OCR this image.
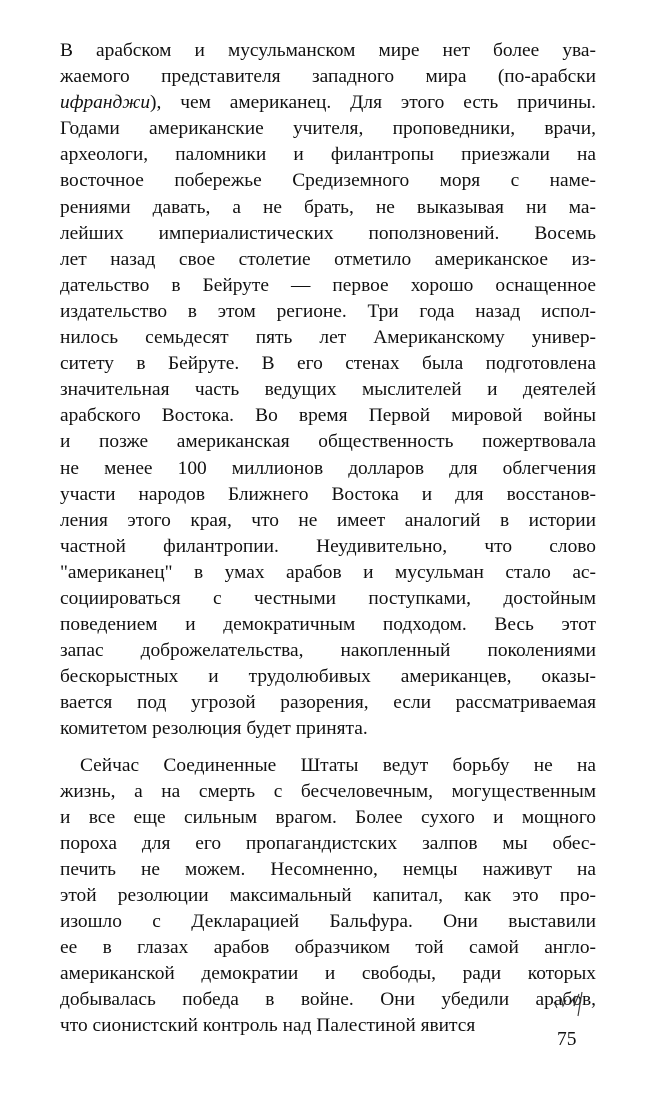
В арабском и мусульманском мире нет более ува-
жаемого представителя западного мира (по-арабски
ифранджи), чем американец. Для этого есть причины.
Годами американские учителя, проповедники, врачи,
археологи, паломники и филантропы приезжали на
восточное побережье Средиземного моря с наме-
рениями давать, а не брать, не выказывая ни ма-
лейших империалистических поползновений. Восемь
лет назад свое столетие отметило американское из-
дательство в Бейруте — первое хорошо оснащенное
издательство в этом регионе. Три года назад испол-
нилось семьдесят пять лет Американскому универ-
ситету в Бейруте. В его стенах была подготовлена
значительная часть ведущих мыслителей и деятелей
арабского Востока. Во время Первой мировой войны
и позже американская общественность пожертвовала
не менее 100 миллионов долларов для облегчения
участи народов Ближнего Востока и для восстанов-
ления этого края, что не имеет аналогий в истории
частной филантропии. Неудивительно, что слово
"американец" в умах арабов и мусульман стало ас-
социироваться с честными поступками, достойным
поведением и демократичным подходом. Весь этот
запас доброжелательства, накопленный поколениями
бескорыстных и трудолюбивых американцев, оказы-
вается под угрозой разорения, если рассматриваемая
комитетом резолюция будет принята.
Сейчас Соединенные Штаты ведут борьбу не на
жизнь, а на смерть с бесчеловечным, могущественным
и все еще сильным врагом. Более сухого и мощного
пороха для его пропагандистских залпов мы обес-
печить не можем. Несомненно, немцы наживут на
этой резолюции максимальный капитал, как это про-
изошло с Декларацией Бальфура. Они выставили
ее в глазах арабов образчиком той самой англо-
американской демократии и свободы, ради которых
добывалась победа в войне. Они убедили арабов,
что сионистский контроль над Палестиной явится
75
